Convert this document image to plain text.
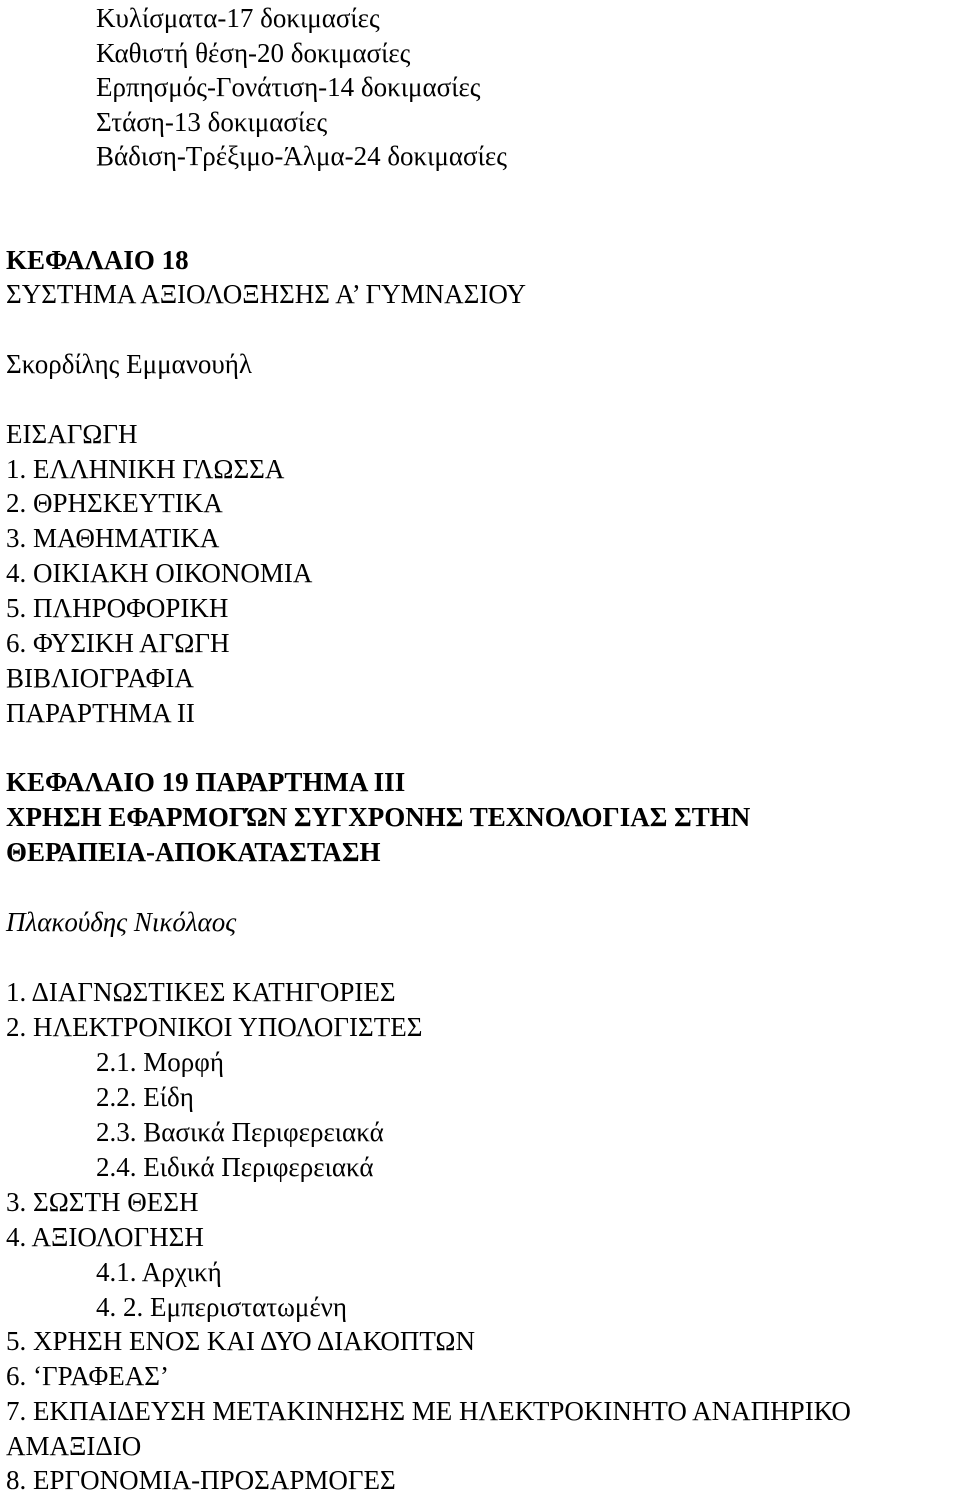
Κυλίσματα-17 δοκιμασίες
Καθιστή θέση-20 δοκιμασίες
Ερπησμός-Γονάτιση-14 δοκιμασίες
Στάση-13 δοκιμασίες
Βάδιση-Τρέξιμο-Άλμα-24 δοκιμασίες
ΚΕΦΑΛΑΙΟ 18
ΣΥΣΤΗΜΑ ΑΞΙΟΛΟΞΗΣΗΣ Α’ ΓΥΜΝΑΣΙΟΥ
Σκορδίλης Εμμανουήλ
ΕΙΣΑΓΩΓΗ
1. ΕΛΛΗΝΙΚΗ ΓΛΩΣΣΑ
2. ΘΡΗΣΚΕΥΤΙΚΑ
3. ΜΑΘΗΜΑΤΙΚΑ
4. ΟΙΚΙΑΚΗ ΟΙΚΟΝΟΜΙΑ
5. ΠΛΗΡΟΦΟΡΙΚΗ
6. ΦΥΣΙΚΗ ΑΓΩΓΗ
ΒΙΒΛΙΟΓΡΑΦΙΑ
ΠΑΡΑΡΤΗΜΑ ΙΙ
ΚΕΦΑΛΑΙΟ 19 ΠΑΡΑΡΤΗΜΑ ΙΙΙ
ΧΡΗΣΗ ΕΦΑΡΜΟΓΏΝ ΣΥΓΧΡΟΝΗΣ ΤΕΧΝΟΛΟΓΙΑΣ ΣΤΗΝ
ΘΕΡΑΠΕΙΑ-ΑΠΟΚΑΤΑΣΤΑΣΗ
Πλακούδης Νικόλαος
1. ΔΙΑΓΝΩΣΤΙΚΕΣ ΚΑΤΗΓΟΡΙΕΣ
2. ΗΛΕΚΤΡΟΝΙΚΟΙ ΥΠΟΛΟΓΙΣΤΕΣ
2.1. Μορφή
2.2. Είδη
2.3. Βασικά Περιφερειακά
2.4. Ειδικά Περιφερειακά
3. ΣΩΣΤΗ ΘΕΣΗ
4. ΑΞΙΟΛΟΓΗΣΗ
4.1. Αρχική
4. 2. Εμπεριστατωμένη
5. ΧΡΗΣΗ ΕΝΟΣ ΚΑΙ ΔΥΟ ΔΙΑΚΟΠΤΩΝ
6. ‘ΓΡΑΦΕΑΣ’
7. ΕΚΠΑΙΔΕΥΣΗ ΜΕΤΑΚΙΝΗΣΗΣ ΜΕ ΗΛΕΚΤΡΟΚΙΝΗΤΟ ΑΝΑΠΗΡΙΚΟ
ΑΜΑΞΙΔΙΟ
8. ΕΡΓΟΝΟΜΙΑ-ΠΡΟΣΑΡΜΟΓΕΣ
